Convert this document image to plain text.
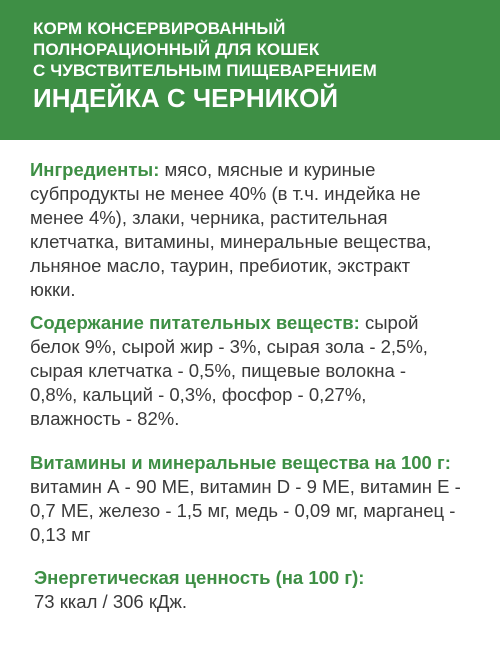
КОРМ КОНСЕРВИРОВАННЫЙ
ПОЛНОРАЦИОННЫЙ ДЛЯ КОШЕК
С ЧУВСТВИТЕЛЬНЫМ ПИЩЕВАРЕНИЕМ
ИНДЕЙКА С ЧЕРНИКОЙ
Ингредиенты: мясо, мясные и куриные
субпродукты не менее 40% (в т.ч. индейка не
менее 4%), злаки, черника, растительная
клетчатка, витамины, минеральные вещества,
льняное масло, таурин, пребиотик, экстракт
юкки.
Содержание питательных веществ: сырой
белок 9%, сырой жир - 3%, сырая зола - 2,5%,
сырая клетчатка - 0,5%, пищевые волокна -
0,8%, кальций - 0,3%, фосфор - 0,27%,
влажность - 82%.
Витамины и минеральные вещества на 100 г:
витамин А - 90 МЕ, витамин D - 9 МЕ, витамин Е -
0,7 МЕ, железо - 1,5 мг, медь - 0,09 мг, марганец -
0,13 мг
Энергетическая ценность (на 100 г):
73 ккал / 306 кДж.
